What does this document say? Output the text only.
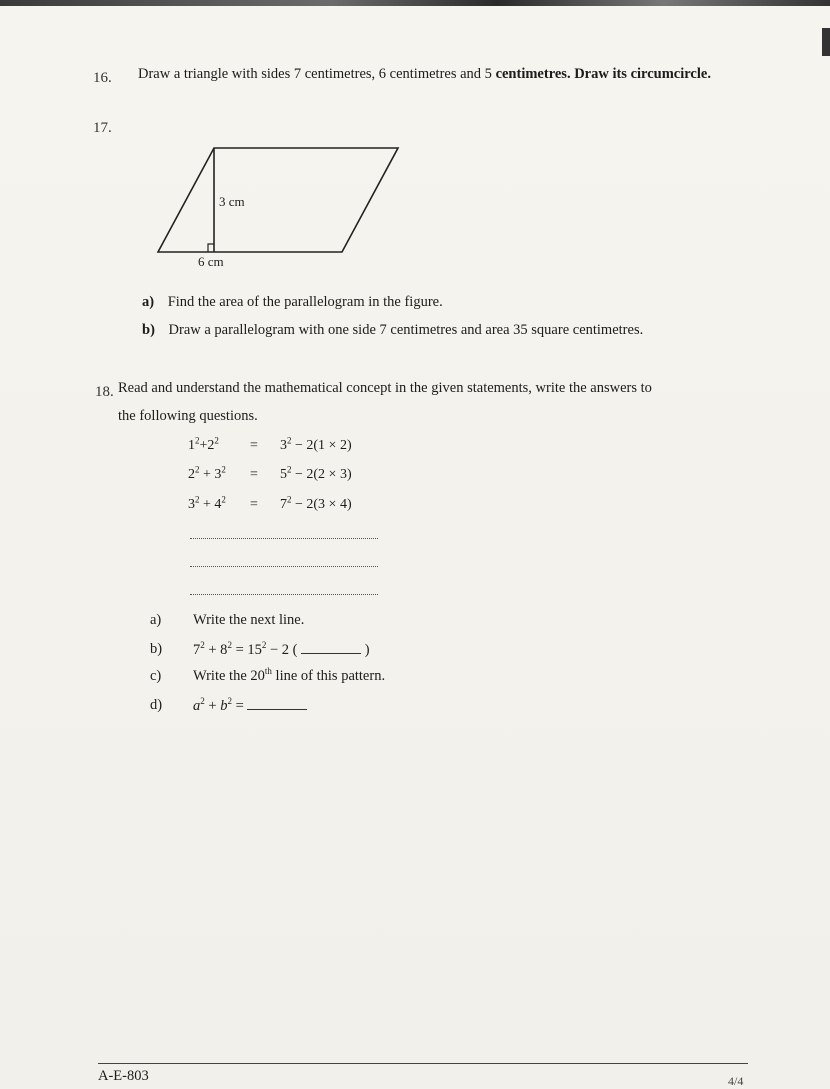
16. Draw a triangle with sides 7 centimetres, 6 centimetres and 5 centimetres. Draw its circumcircle.
17.
3 cm
6 cm
a) Find the area of the parallelogram in the figure.
b) Draw a parallelogram with one side 7 centimetres and area 35 square centimetres.
18. Read and understand the mathematical concept in the given statements, write the answers to
the following questions.
$1^2+2^2 = 3^2 - 2(1 \times 2)$
$2^2 + 3^2 = 5^2 - 2(2 \times 3)$
$3^2 + 4^2 = 7^2 - 2(3 \times 4)$
a) Write the next line.
b) $7^2 + 8^2 = 15^2 - 2$ (	)
c) Write the 20th line of this pattern.
d) $a^2 + b^2$ =
A-E-803	4/4
